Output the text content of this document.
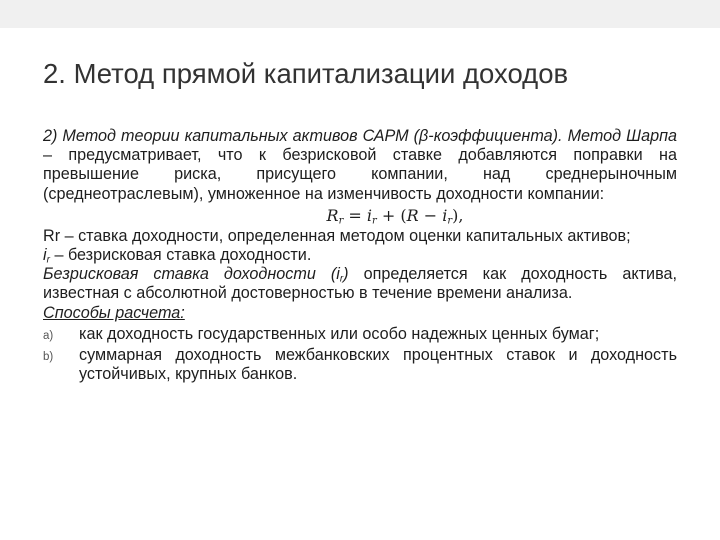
2. Метод прямой капитализации доходов

2) Метод теории капитальных активов САРМ (β-коэффициента). Метод Шарпа – предусматривает, что к безрисковой ставке добавляются поправки на превышение риска, присущего компании, над среднерыночным (среднеотраслевым), умноженное на изменчивость доходности компании:

$R_r = i_r + (R - i_r)$,

Rr – ставка доходности, определенная методом оценки капитальных активов;

$i_r$ – безрисковая ставка доходности.

Безрисковая ставка доходности $(i_r)$ определяется как доходность актива, известная с абсолютной достоверностью в течение времени анализа.

Способы расчета:

a) как доходность государственных или особо надежных ценных бумаг;
b) суммарная доходность межбанковских процентных ставок и доходность устойчивых, крупных банков.
